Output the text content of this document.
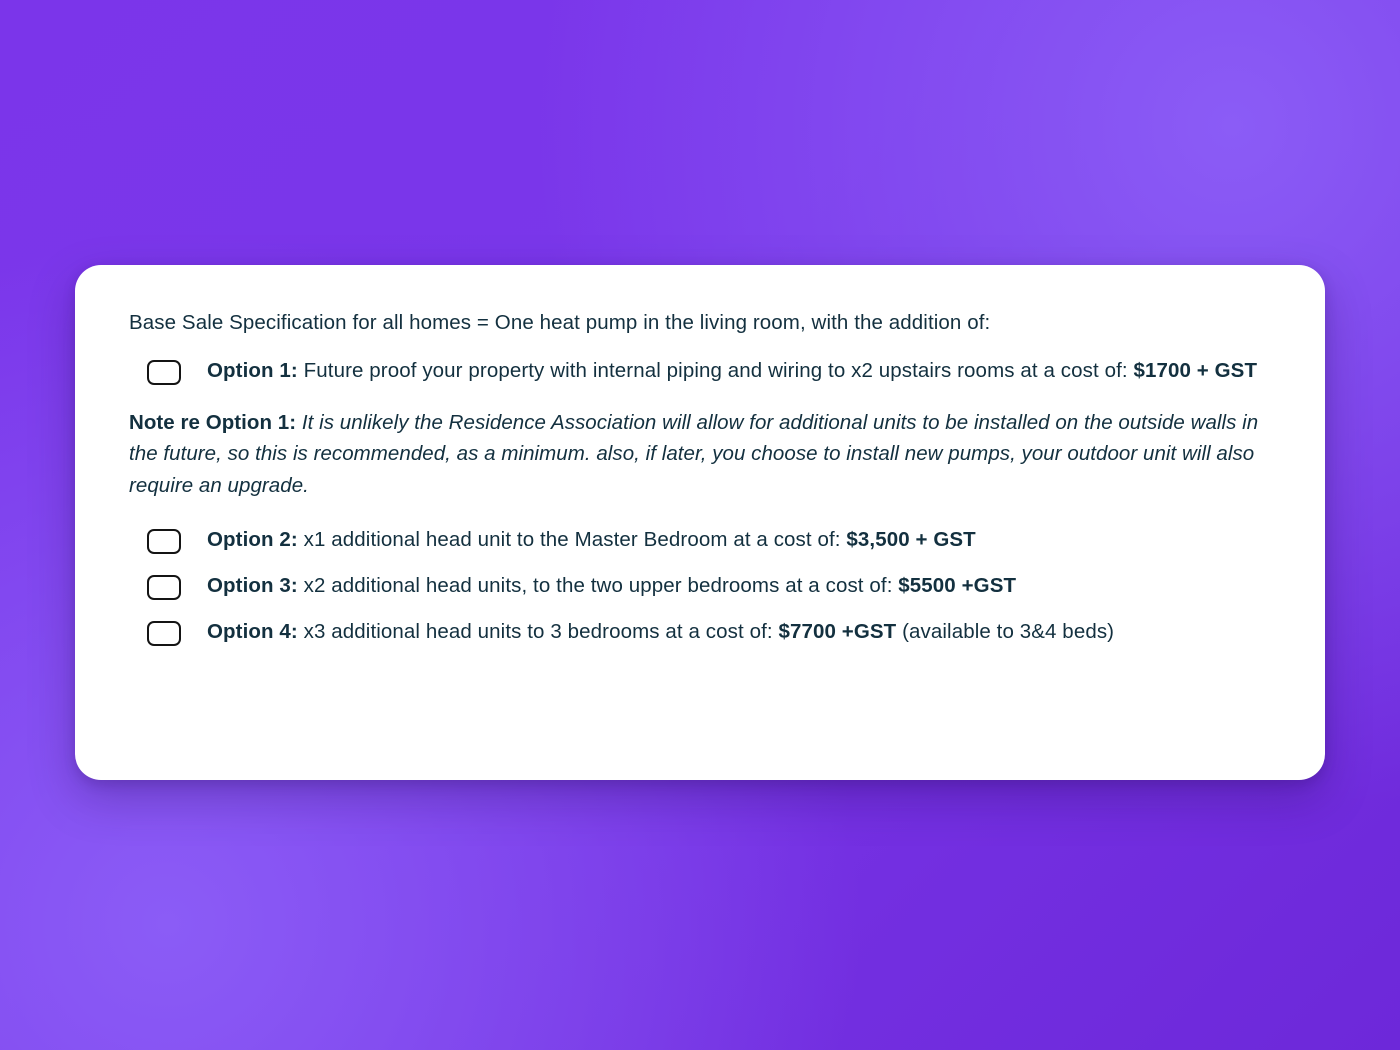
Base Sale Specification for all homes = One heat pump in the living room, with the addition of:

Option 1: Future proof your property with internal piping and wiring to x2 upstairs rooms at a cost of: $1700 + GST

Note re Option 1: It is unlikely the Residence Association will allow for additional units to be installed on the outside walls in the future, so this is recommended, as a minimum. also, if later, you choose to install new pumps, your outdoor unit will also require an upgrade.

Option 2: x1 additional head unit to the Master Bedroom at a cost of: $3,500 + GST
Option 3: x2 additional head units, to the two upper bedrooms at a cost of: $5500 +GST
Option 4: x3 additional head units to 3 bedrooms at a cost of: $7700 +GST (available to 3&4 beds)
